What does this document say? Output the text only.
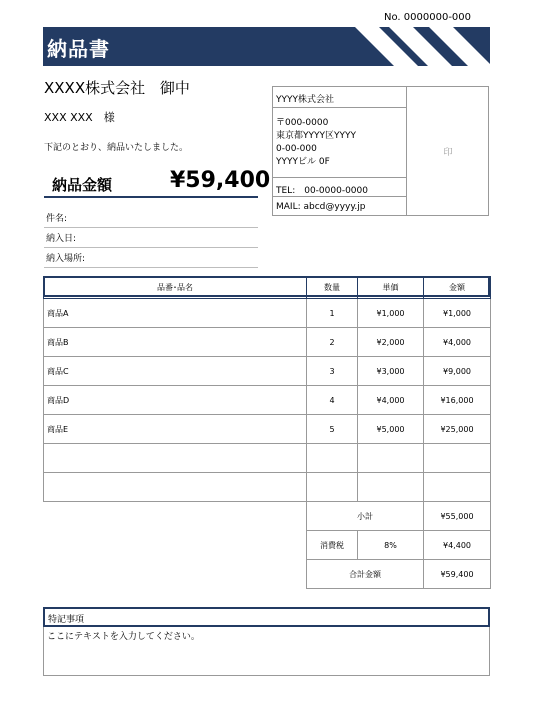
No. 0000000-000
納品書
XXXX株式会社 御中
XXX XXX　様
下記のとおり、納品いたしました。
納品金額	¥59,400
件名:
納入日:
納入場所:
YYYY株式会社
〒000-0000
東京都YYYY区YYYY
0-00-000
YYYYビル 0F
TEL:　00-0000-0000
MAIL: abcd@yyyy.jp
印
品番･品名	数量	単価	金額
商品A	1	¥1,000	¥1,000
商品B	2	¥2,000	¥4,000
商品C	3	¥3,000	¥9,000
商品D	4	¥4,000	¥16,000
商品E	5	¥5,000	¥25,000

	小計		¥55,000
	消費税	8%	¥4,400
	合計金額		¥59,400
特記事項
ここにテキストを入力してください。
